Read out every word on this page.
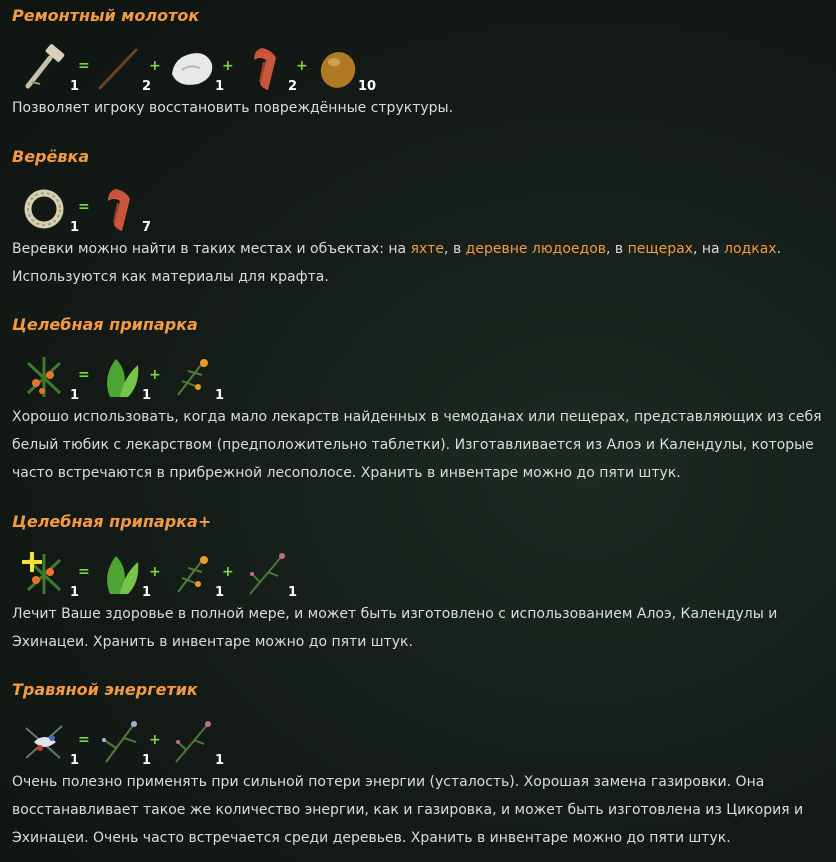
Ремонтный молоток
1
=
2
+
1
+
2
+
10

Позволяет игроку восстановить повреждённые структуры.

Верёвка
1
=
7

Веревки можно найти в таких местах и объектах: на яхте, в деревне людоедов, в пещерах, на лодках.
Используются как материалы для крафта.

Целебная припарка
1
=
1
+
1

Хорошо использовать, когда мало лекарств найденных в чемоданах или пещерах, представляющих из себя белый тюбик с лекарством (предположительно таблетки). Изготавливается из Алоэ и Календулы, которые часто встречаются в прибрежной лесополосе. Хранить в инвентаре можно до пяти штук.

Целебная припарка+
1
=
1
+
1
+
1

Лечит Ваше здоровье в полной мере, и может быть изготовлено с использованием Алоэ, Календулы и Эхинацеи. Хранить в инвентаре можно до пяти штук.

Травяной энергетик
1
=
1
+
1

Очень полезно применять при сильной потери энергии (усталость). Хорошая замена газировки. Она восстанавливает такое же количество энергии, как и газировка, и может быть изготовлена из Цикория и Эхинацеи. Очень часто встречается среди деревьев. Хранить в инвентаре можно до пяти штук.
